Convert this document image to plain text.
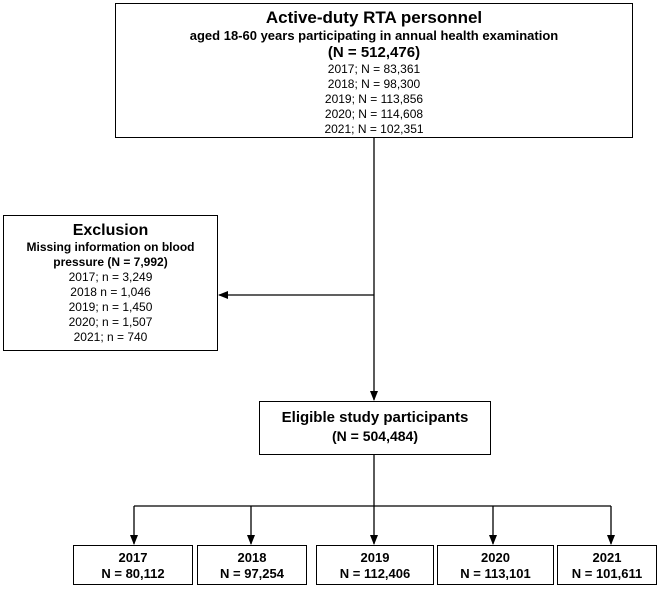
Active-duty RTA personnel
aged 18-60 years participating in annual health examination
(N = 512,476)
2017; N = 83,361
2018; N = 98,300
2019; N = 113,856
2020; N = 114,608
2021; N = 102,351
Exclusion
Missing information on blood pressure (N = 7,992)
2017; n = 3,249
2018 n = 1,046
2019; n = 1,450
2020; n = 1,507
2021; n = 740
Eligible study participants
(N = 504,484)
2017
N = 80,112
2018
N = 97,254
2019
N = 112,406
2020
N = 113,101
2021
N = 101,611
